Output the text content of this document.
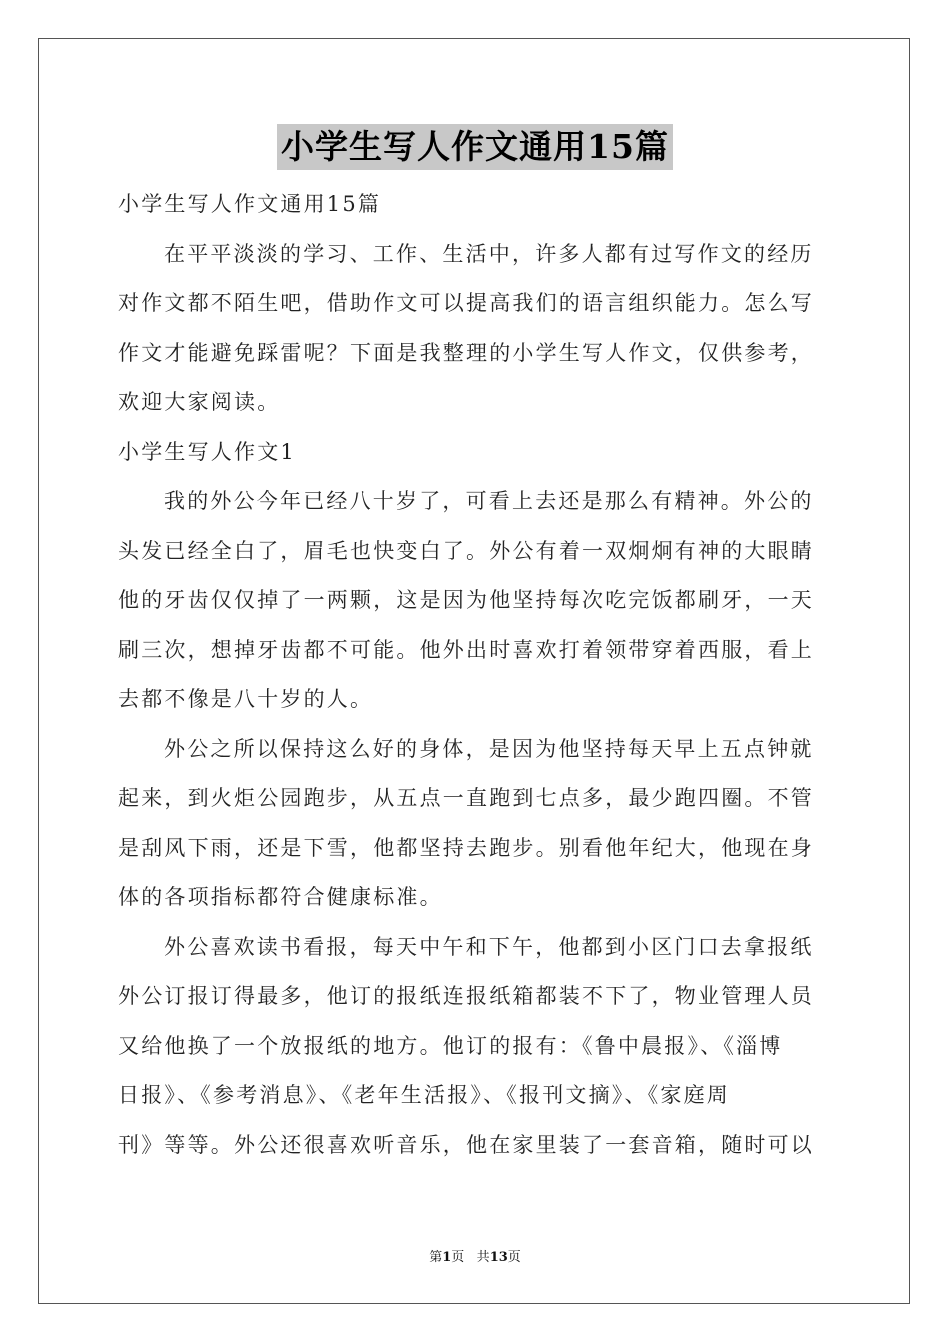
小学生写人作文通用15篇
小学生写人作文通用15篇
在平平淡淡的学习、工作、生活中，许多人都有过写作文的经历
对作文都不陌生吧，借助作文可以提高我们的语言组织能力。怎么写
作文才能避免踩雷呢？下面是我整理的小学生写人作文，仅供参考，
欢迎大家阅读。
小学生写人作文1
我的外公今年已经八十岁了，可看上去还是那么有精神。外公的
头发已经全白了，眉毛也快变白了。外公有着一双炯炯有神的大眼睛
他的牙齿仅仅掉了一两颗，这是因为他坚持每次吃完饭都刷牙，一天
刷三次，想掉牙齿都不可能。他外出时喜欢打着领带穿着西服，看上
去都不像是八十岁的人。
外公之所以保持这么好的身体，是因为他坚持每天早上五点钟就
起来，到火炬公园跑步，从五点一直跑到七点多，最少跑四圈。不管
是刮风下雨，还是下雪，他都坚持去跑步。别看他年纪大，他现在身
体的各项指标都符合健康标准。
外公喜欢读书看报，每天中午和下午，他都到小区门口去拿报纸
外公订报订得最多，他订的报纸连报纸箱都装不下了，物业管理人员
又给他换了一个放报纸的地方。他订的报有：《鲁中晨报》、《淄博
日报》、《参考消息》、《老年生活报》、《报刊文摘》、《家庭周
刊》等等。外公还很喜欢听音乐，他在家里装了一套音箱，随时可以
第1页 共13页
